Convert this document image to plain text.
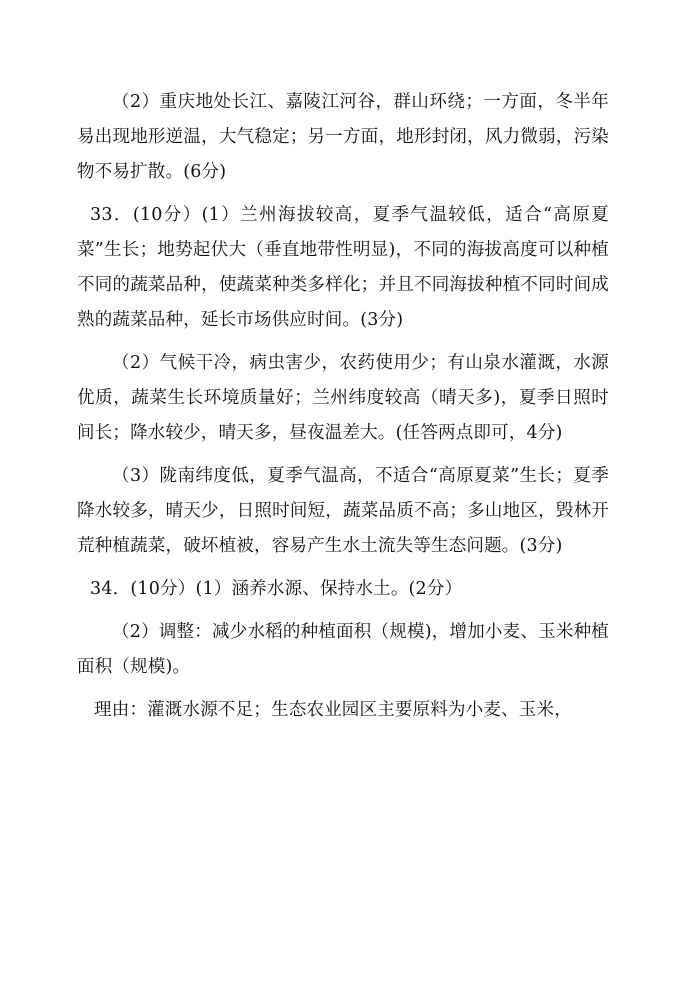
（2）重庆地处长江、嘉陵江河谷，群山环绕；一方面，冬半年易出现地形逆温，大气稳定；另一方面，地形封闭，风力微弱，污染物不易扩散。(6分)

33．(10分）(1）兰州海拔较高，夏季气温较低，适合“高原夏菜”生长；地势起伏大（垂直地带性明显)，不同的海拔高度可以种植不同的蔬菜品种，使蔬菜种类多样化；并且不同海拔种植不同时间成熟的蔬菜品种，延长市场供应时间。(3分)

（2）气候干冷，病虫害少，农药使用少；有山泉水灌溉，水源优质，蔬菜生长环境质量好；兰州纬度较高（晴天多)，夏季日照时间长；降水较少，晴天多，昼夜温差大。(任答两点即可，4分)

（3）陇南纬度低，夏季气温高，不适合“高原夏菜”生长；夏季降水较多，晴天少，日照时间短，蔬菜品质不高；多山地区，毁林开荒种植蔬菜，破坏植被，容易产生水土流失等生态问题。(3分)

34．(10分）(1）涵养水源、保持水土。(2分）

（2）调整：减少水稻的种植面积（规模)，增加小麦、玉米种植面积（规模)。

理由：灌溉水源不足；生态农业园区主要原料为小麦、玉米，
